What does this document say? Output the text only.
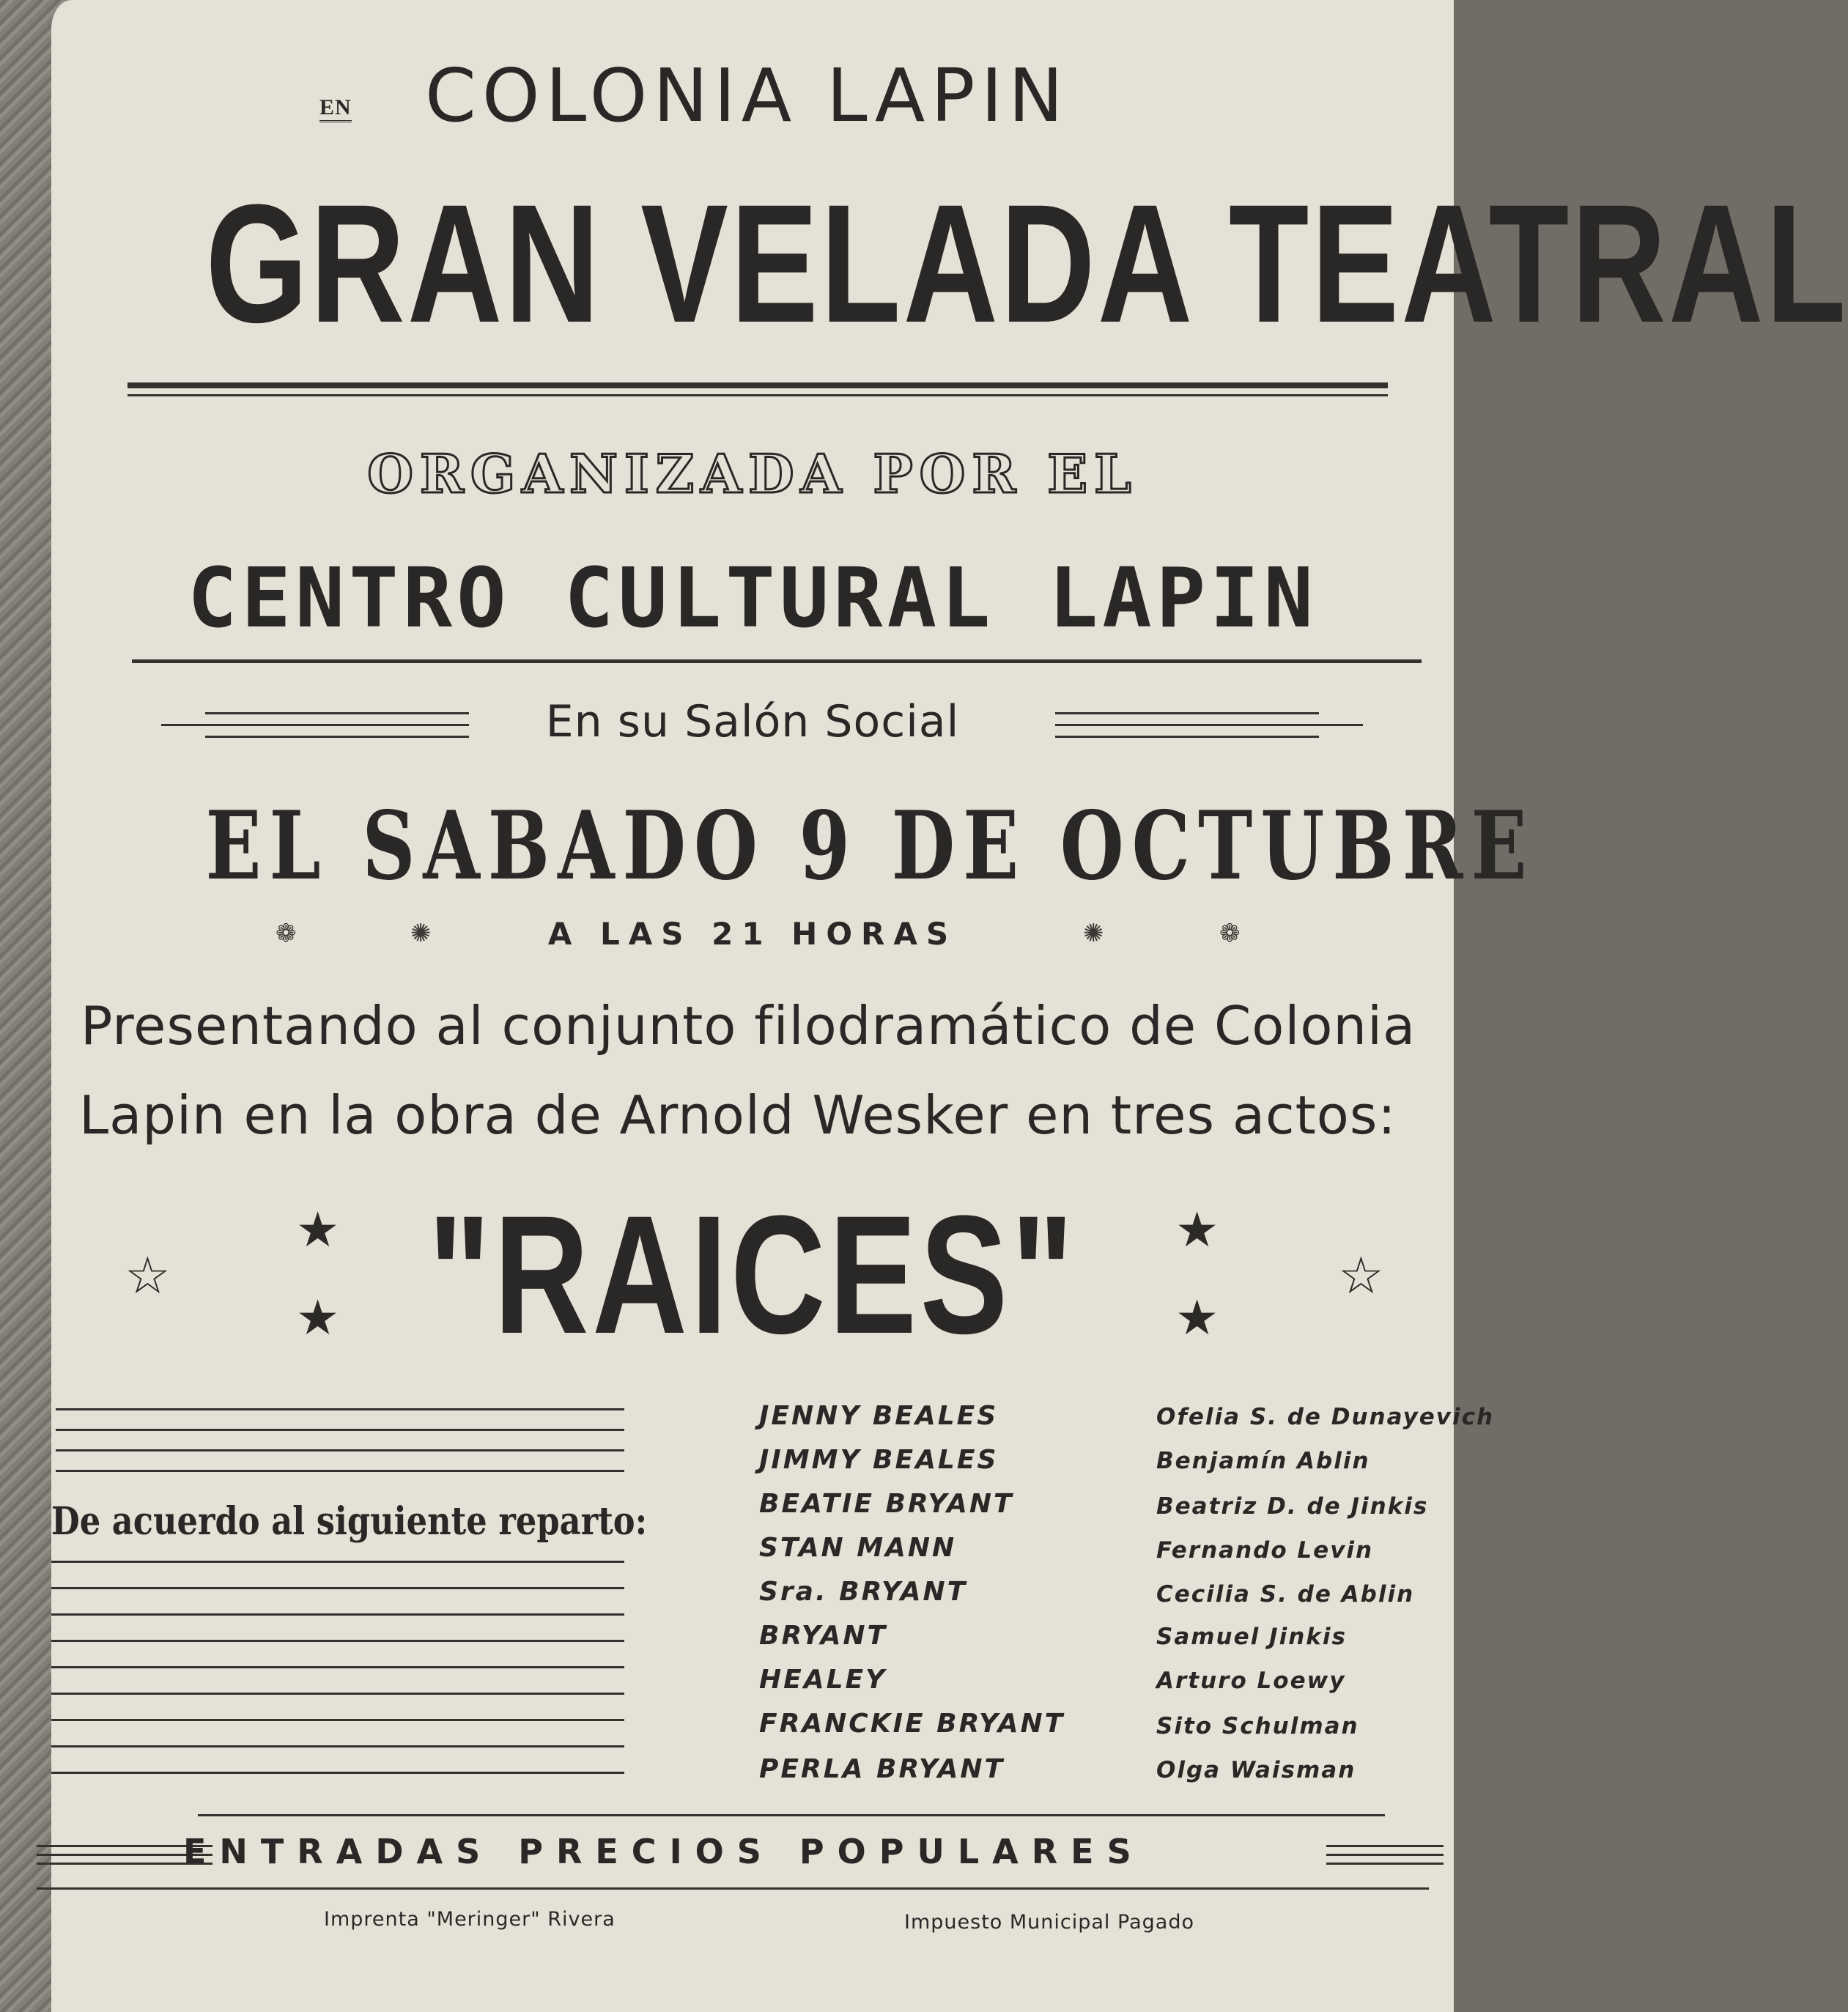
EN COLONIA LAPIN
GRAN VELADA TEATRAL
ORGANIZADA POR EL
CENTRO CULTURAL LAPIN
En su Salón Social
EL SABADO 9 DE OCTUBRE
❁	✺	A LAS 21 HORAS	✺	❁
Presentando al conjunto filodramático de Colonia
Lapin en la obra de Arnold Wesker en tres actos:
☆
★
★ "RAICES"	★
★
☆
De acuerdo al siguiente reparto:
JENNY BEALES	Ofelia S. de Dunayevich
JIMMY BEALES	Benjamín Ablin
BEATIE BRYANT	Beatriz D. de Jinkis
STAN MANN	Fernando Levin
Sra. BRYANT	Cecilia S. de Ablin
BRYANT	Samuel Jinkis
HEALEY	Arturo Loewy
FRANCKIE BRYANT	Sito Schulman
PERLA BRYANT	Olga Waisman
ENTRADAS PRECIOS POPULARES
Imprenta "Meringer" Rivera	Impuesto Municipal Pagado
